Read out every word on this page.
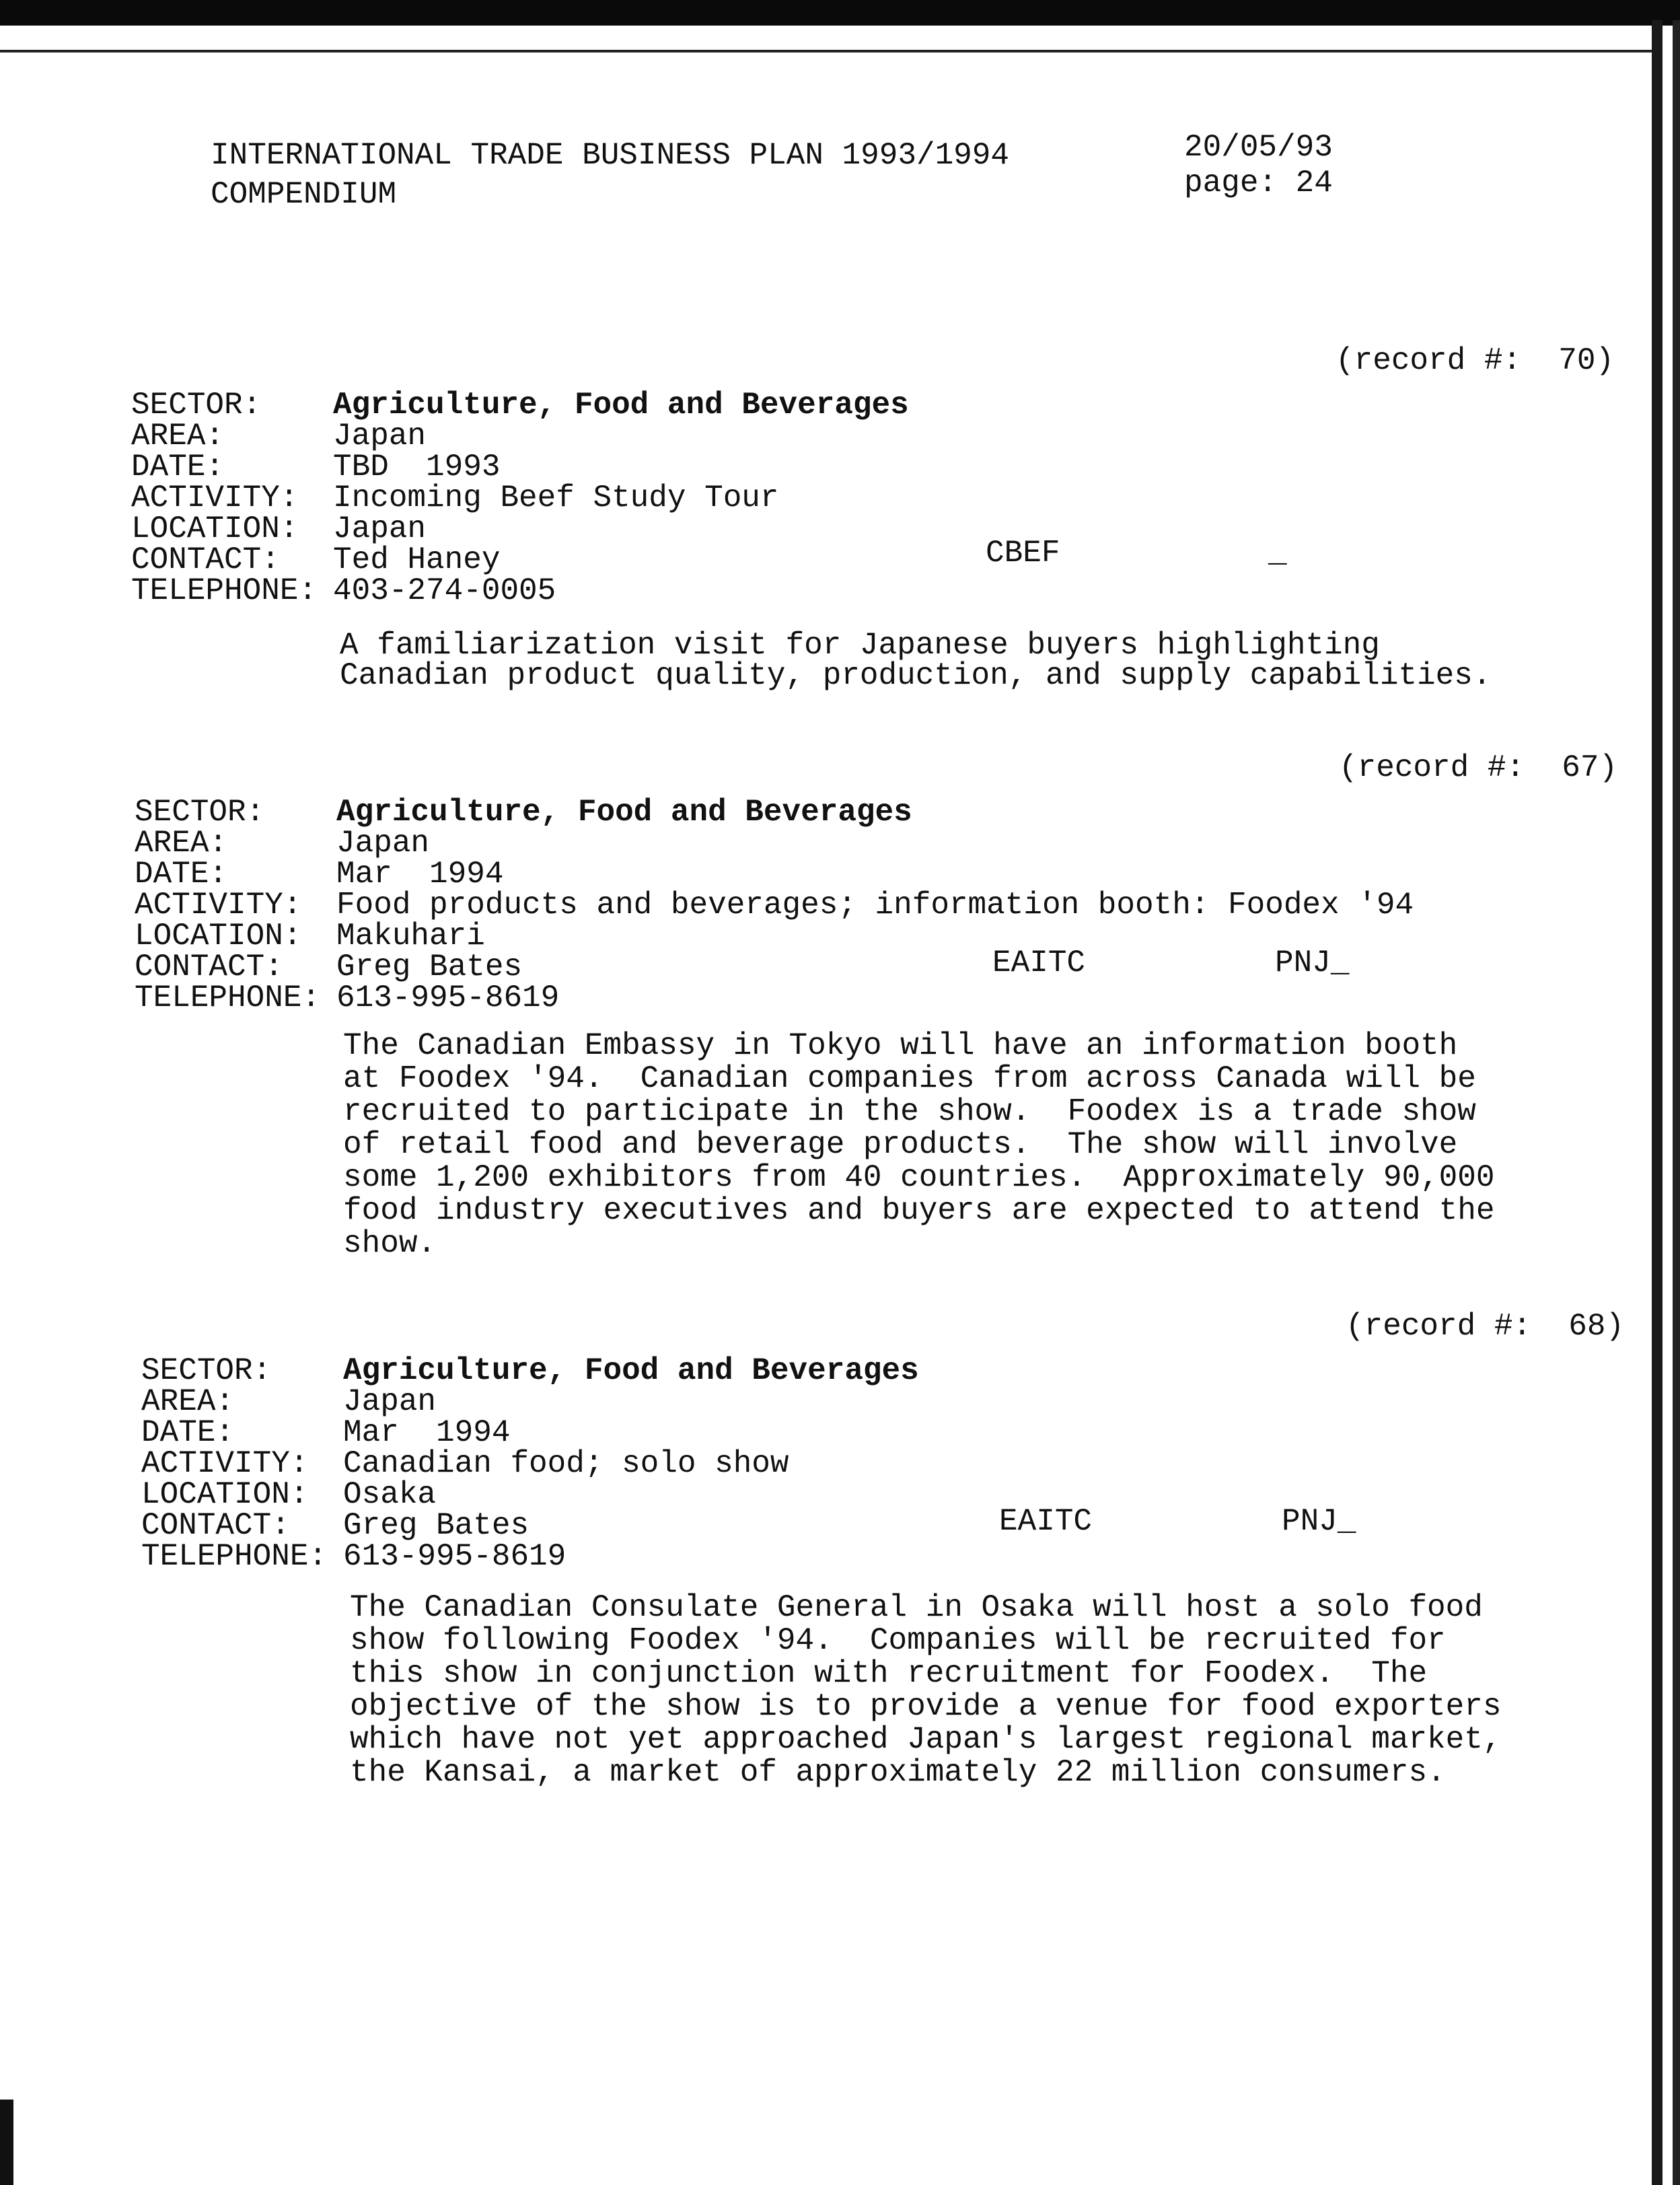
INTERNATIONAL TRADE BUSINESS PLAN 1993/1994
COMPENDIUM
20/05/93
page: 24
(record #:  70)
SECTOR: Agriculture, Food and Beverages
AREA:	Japan
DATE:	TBD  1993
ACTIVITY: Incoming Beef Study Tour
LOCATION: Japan
CONTACT: Ted Haney
TELEPHONE: 403-274-0005
CBEF	_
A familiarization visit for Japanese buyers highlighting
Canadian product quality, production, and supply capabilities.
(record #:  67)
SECTOR: Agriculture, Food and Beverages
AREA:	Japan
DATE:	Mar  1994
ACTIVITY: Food products and beverages; information booth: Foodex '94
LOCATION: Makuhari
CONTACT: Greg Bates
TELEPHONE: 613-995-8619
EAITC	PNJ_
The Canadian Embassy in Tokyo will have an information booth
at Foodex '94.  Canadian companies from across Canada will be
recruited to participate in the show.  Foodex is a trade show
of retail food and beverage products.  The show will involve
some 1,200 exhibitors from 40 countries.  Approximately 90,000
food industry executives and buyers are expected to attend the
show.
(record #:  68)
SECTOR: Agriculture, Food and Beverages
AREA:	Japan
DATE:	Mar  1994
ACTIVITY: Canadian food; solo show
LOCATION: Osaka
CONTACT: Greg Bates
TELEPHONE: 613-995-8619
EAITC	PNJ_
The Canadian Consulate General in Osaka will host a solo food
show following Foodex '94.  Companies will be recruited for
this show in conjunction with recruitment for Foodex.  The
objective of the show is to provide a venue for food exporters
which have not yet approached Japan's largest regional market,
the Kansai, a market of approximately 22 million consumers.
